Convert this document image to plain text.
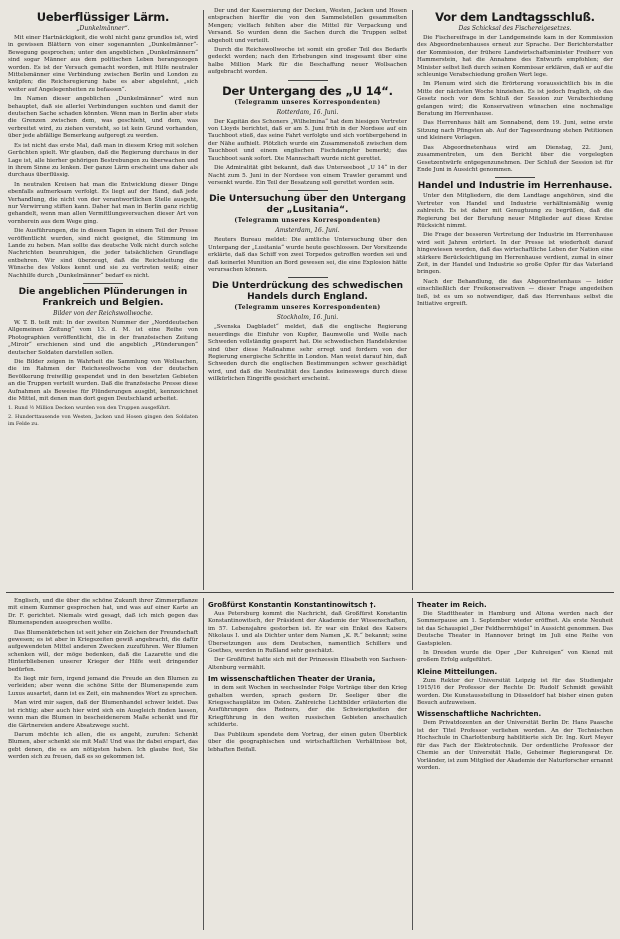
Ueberflüssiger Lärm.
„Dunkelmänner“.

Mit einer Hartnäckigkeit, die wohl nicht ganz grundlos ist, wird in gewissen Blättern von einer sogenannten „Dunkelmänner“-Bewegung gesprochen; unter den angeblichen „Dunkelmännern“ sind sogar Männer aus dem politischen Leben herangezogen worden. Es ist der Versuch gemacht worden, mit Hilfe neutraler Mittelsmänner eine Verbindung zwischen Berlin und London zu knüpfen; die Reichsregierung habe es aber abgelehnt, „sich weiter auf Angelegenheiten zu befassen“.

Im Namen dieser angeblichen „Dunkelmänner“ wird nun behauptet, daß sie allerlei Verbindungen suchten und damit der deutschen Sache schaden könnten. Wenn man in Berlin aber stets die Grenzen zwischen dem, was geschieht, und dem, was verbreitet wird, zu ziehen versteht, so ist kein Grund vorhanden, über jede abfällige Bemerkung aufgeregt zu werden.

Es ist nicht das erste Mal, daß man in diesem Krieg mit solchen Gerüchten spielt. Wir glauben, daß die Regierung durchaus in der Lage ist, alle hierher gehörigen Bestrebungen zu überwachen und in ihrem Sinne zu lenken. Der ganze Lärm erscheint uns daher als durchaus überflüssig.

In neutralen Kreisen hat man die Entwicklung dieser Dinge ebenfalls aufmerksam verfolgt. Es liegt auf der Hand, daß jede Verhandlung, die nicht von der verantwortlichen Stelle ausgeht, nur Verwirrung stiften kann. Daher hat man in Berlin ganz richtig gehandelt, wenn man allen Vermittlungsversuchen dieser Art von vornherein aus dem Wege ging.

Die Ausführungen, die in diesen Tagen in einem Teil der Presse veröffentlicht wurden, sind nicht geeignet, die Stimmung im Lande zu heben. Man sollte das deutsche Volk nicht durch solche Nachrichten beunruhigen, die jeder tatsächlichen Grundlage entbehren. Wir sind überzeugt, daß die Reichsleitung die Wünsche des Volkes kennt und sie zu vertreten weiß; einer Nachhilfe durch „Dunkelmänner“ bedarf es nicht.

Die angeblichen Plünderungen in Frankreich und Belgien.
Bilder von der Reichswollwoche.

W. T. B. teilt mit: In der zweiten Nummer der „Norddeutschen Allgemeinen Zeitung“ vom 13. d. M. ist eine Reihe von Photographien veröffentlicht, die in der französischen Zeitung „Miroir“ erschienen sind und die angeblich „Plünderungen“ deutscher Soldaten darstellen sollen.

Die Bilder zeigen in Wahrheit die Sammlung von Wollsachen, die im Rahmen der Reichswollwoche von der deutschen Bevölkerung freiwillig gespendet und in den besetzten Gebieten an die Truppen verteilt wurden. Daß die französische Presse diese Aufnahmen als Beweise für Plünderungen ausgibt, kennzeichnet die Mittel, mit denen man dort gegen Deutschland arbeitet.

1. Rund ½ Million Decken wurden von den Truppen ausgeführt.
2. Hunderttausende von Westen, Jacken und Hosen gingen den Soldaten im Felde zu.

Der und der Kasernierung der Decken, Westen, Jacken und Hosen entsprachen hierfür die von den Sammelstellen gesammelten Mengen; vielfach fehlten aber die Mittel für Verpackung und Versand. So wurden denn die Sachen durch die Truppen selbst abgeholt und verteilt.

Durch die Reichswollwoche ist somit ein großer Teil des Bedarfs gedeckt worden; nach den Erhebungen sind insgesamt über eine halbe Million Mark für die Beschaffung neuer Wollsachen aufgebracht worden.

Der Untergang des „U 14“.
(Telegramm unseres Korrespondenten)
Rotterdam, 16. Juni.

Der Kapitän des Schoners „Wilhelmina“ hat dem hiesigen Vertreter von Lloyds berichtet, daß er am 5. Juni früh in der Nordsee auf ein Tauchboot stieß, das seine Fahrt verfolgte und sich vorübergehend in der Nähe aufhielt. Plötzlich wurde ein Zusammenstoß zwischen dem Tauchboot und einem englischen Fischdampfer bemerkt; das Tauchboot sank sofort. Die Mannschaft wurde nicht gerettet.

Die Admiralität gibt bekannt, daß das Unterseeboot „U 14“ in der Nacht zum 5. Juni in der Nordsee von einem Trawler gerammt und versenkt wurde. Ein Teil der Besatzung soll gerettet worden sein.

Die Untersuchung über den Untergang der „Lusitania“.
(Telegramm unseres Korrespondenten)
Amsterdam, 16. Juni.

Reuters Bureau meldet: Die amtliche Untersuchung über den Untergang der „Lusitania“ wurde heute geschlossen. Der Vorsitzende erklärte, daß das Schiff von zwei Torpedos getroffen worden sei und daß keinerlei Munition an Bord gewesen sei, die eine Explosion hätte verursachen können.

Die Unterdrückung des schwedischen Handels durch England.
(Telegramm unseres Korrespondenten)
Stockholm, 16. Juni.

„Svenska Dagbladet“ meldet, daß die englische Regierung neuerdings die Einfuhr von Kupfer, Baumwolle und Wolle nach Schweden vollständig gesperrt hat. Die schwedischen Handelskreise sind über diese Maßnahme sehr erregt und fordern von der Regierung energische Schritte in London. Man weist darauf hin, daß Schweden durch die englischen Bestimmungen schwer geschädigt wird, und daß die Neutralität des Landes keineswegs durch diese willkürlichen Eingriffe gesichert erscheint.

Vor dem Landtagsschluß.
Das Schicksal des Fischereigesetzes.

Die Fischereifrage in der Landgemeinde kam in der Kommission des Abgeordnetenhauses erneut zur Sprache. Der Berichterstatter der Kommission, der frühere Landwirtschaftsminister Freiherr von Hammerstein, hat die Annahme des Entwurfs empfohlen; der Minister selbst ließ durch seinen Kommissar erklären, daß er auf die schleunige Verabschiedung großen Wert lege.

Im Plenum wird sich die Erörterung voraussichtlich bis in die Mitte der nächsten Woche hinziehen. Es ist jedoch fraglich, ob das Gesetz noch vor dem Schluß der Session zur Verabschiedung gelangen wird; die Konservativen wünschen eine nochmalige Beratung im Herrenhause.

Das Herrenhaus hält am Sonnabend, dem 19. Juni, seine erste Sitzung nach Pfingsten ab. Auf der Tagesordnung stehen Petitionen und kleinere Vorlagen.

Das Abgeordnetenhaus wird am Dienstag, 22. Juni, zusammentreten, um den Bericht über die vorgelegten Gesetzentwürfe entgegenzunehmen. Der Schluß der Session ist für Ende Juni in Aussicht genommen.

Handel und Industrie im Herrenhause.

Unter den Mitgliedern, die dem Landtage angehören, sind die Vertreter von Handel und Industrie verhältnismäßig wenig zahlreich. Es ist daher mit Genugtuung zu begrüßen, daß die Regierung bei der Berufung neuer Mitglieder auf diese Kreise Rücksicht nimmt.

Die Frage der besseren Vertretung der Industrie im Herrenhause wird seit Jahren erörtert. In der Presse ist wiederholt darauf hingewiesen worden, daß das wirtschaftliche Leben der Nation eine stärkere Berücksichtigung im Herrenhause verdient, zumal in einer Zeit, in der Handel und Industrie so große Opfer für das Vaterland bringen.

Nach der Behandlung, die das Abgeordnetenhaus — leider einschließlich der Freikonservativen — dieser Frage angedeihen ließ, ist es um so notwendiger, daß das Herrenhaus selbst die Initiative ergreift.

Englisch, und die über die schöne Zukunft ihrer Zimmerpflanze mit einem Kummer gesprochen hat, und was auf einer Karte an Dr. F. gerichtet. Niemals wird gesagt, daß ich mich gegen das Blumenspenden aussprechen wollte.

Das Blumenkörbchen ist seit jeher ein Zeichen der Freundschaft gewesen; es ist aber in Kriegszeiten gewiß angebracht, die dafür aufgewendeten Mittel anderen Zwecken zuzuführen. Wer Blumen schenken will, der möge bedenken, daß die Lazarette und die Hinterbliebenen unserer Krieger der Hilfe weit dringender bedürfen.

Es liegt mir fern, irgend jemand die Freude an den Blumen zu verleiden; aber wenn die schöne Sitte der Blumenspende zum Luxus ausartet, dann ist es Zeit, ein mahnendes Wort zu sprechen.

Man wird mir sagen, daß der Blumenhandel schwer leidet. Das ist richtig; aber auch hier wird sich ein Ausgleich finden lassen, wenn man die Blumen in bescheidenerem Maße schenkt und für die Gärtnereien andere Absatzwege sucht.

Darum möchte ich allen, die es angeht, zurufen: Schenkt Blumen, aber schenkt sie mit Maß! Und was ihr dabei erspart, das gebt denen, die es am nötigsten haben. Ich glaube fest, Sie werden sich zu freuen, daß es so gekommen ist.

Großfürst Konstantin Konstantinowitsch †.

Aus Petersburg kommt die Nachricht, daß Großfürst Konstantin Konstantinowitsch, der Präsident der Akademie der Wissenschaften, im 57. Lebensjahre gestorben ist. Er war ein Enkel des Kaisers Nikolaus I. und als Dichter unter dem Namen „K. R.“ bekannt; seine Übersetzungen aus dem Deutschen, namentlich Schillers und Goethes, werden in Rußland sehr geschätzt.

Der Großfürst hatte sich mit der Prinzessin Elisabeth von Sachsen-Altenburg vermählt.

Im wissenschaftlichen Theater der Urania,

in dem seit Wochen in wechselnder Folge Vorträge über den Krieg gehalten werden, sprach gestern Dr. Seeliger über die Kriegsschauplätze im Osten. Zahlreiche Lichtbilder erläuterten die Ausführungen des Redners, der die Schwierigkeiten der Kriegführung in den weiten russischen Gebieten anschaulich schilderte.

Das Publikum spendete dem Vortrag, der einen guten Überblick über die geographischen und wirtschaftlichen Verhältnisse bot, lebhaften Beifall.

Theater im Reich.

Die Stadttheater in Hamburg und Altona werden nach der Sommerpause am 1. September wieder eröffnet. Als erste Neuheit ist das Schauspiel „Der Feldherrnhügel“ in Aussicht genommen. Das Deutsche Theater in Hannover bringt im Juli eine Reihe von Gastspielen.

In Dresden wurde die Oper „Der Kuhreigen“ von Kienzl mit großem Erfolg aufgeführt.

Kleine Mitteilungen.

Zum Rektor der Universität Leipzig ist für das Studienjahr 1915/16 der Professor der Rechte Dr. Rudolf Schmidt gewählt worden. Die Kunstausstellung in Düsseldorf hat bisher einen guten Besuch aufzuweisen.

Wissenschaftliche Nachrichten.

Dem Privatdozenten an der Universität Berlin Dr. Hans Paasche ist der Titel Professor verliehen worden. An der Technischen Hochschule in Charlottenburg habilitierte sich Dr. Ing. Kurt Meyer für das Fach der Elektrotechnik. Der ordentliche Professor der Chemie an der Universität Halle, Geheimer Regierungsrat Dr. Vorländer, ist zum Mitglied der Akademie der Naturforscher ernannt worden.
